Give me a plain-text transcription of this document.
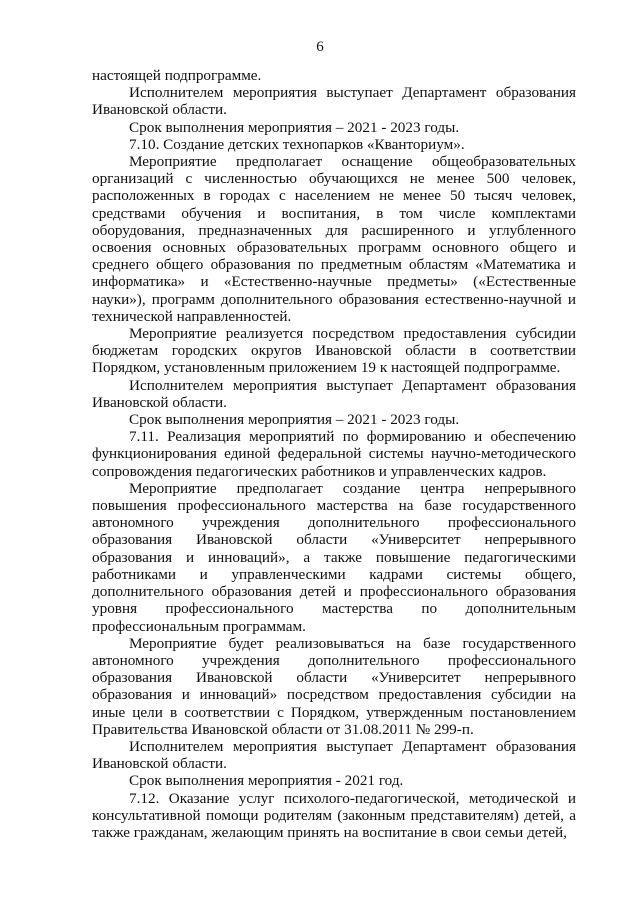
6

настоящей подпрограмме.

Исполнителем мероприятия выступает Департамент образования Ивановской области.

Срок выполнения мероприятия – 2021 - 2023 годы.

7.10. Создание детских технопарков «Кванториум».

Мероприятие предполагает оснащение общеобразовательных организаций с численностью обучающихся не менее 500 человек, расположенных в городах с населением не менее 50 тысяч человек, средствами обучения и воспитания, в том числе комплектами оборудования, предназначенных для расширенного и углубленного освоения основных образовательных программ основного общего и среднего общего образования по предметным областям «Математика и информатика» и «Естественно-научные предметы» («Естественные науки»), программ дополнительного образования естественно-научной и технической направленностей.

Мероприятие реализуется посредством предоставления субсидии бюджетам городских округов Ивановской области в соответствии Порядком, установленным приложением 19 к настоящей подпрограмме.

Исполнителем мероприятия выступает Департамент образования Ивановской области.

Срок выполнения мероприятия – 2021 - 2023 годы.

7.11. Реализация мероприятий по формированию и обеспечению функционирования единой федеральной системы научно-методического сопровождения педагогических работников и управленческих кадров.

Мероприятие предполагает создание центра непрерывного повышения профессионального мастерства на базе государственного автономного учреждения дополнительного профессионального образования Ивановской области «Университет непрерывного образования и инноваций», а также повышение педагогическими работниками и управленческими кадрами системы общего, дополнительного образования детей и профессионального образования уровня профессионального мастерства по дополнительным профессиональным программам.

Мероприятие будет реализовываться на базе государственного автономного учреждения дополнительного профессионального образования Ивановской области «Университет непрерывного образования и инноваций» посредством предоставления субсидии на иные цели в соответствии с Порядком, утвержденным постановлением Правительства Ивановской области от 31.08.2011 № 299-п.

Исполнителем мероприятия выступает Департамент образования Ивановской области.

Срок выполнения мероприятия - 2021 год.

7.12. Оказание услуг психолого-педагогической, методической и консультативной помощи родителям (законным представителям) детей, а также гражданам, желающим принять на воспитание в свои семьи детей,
